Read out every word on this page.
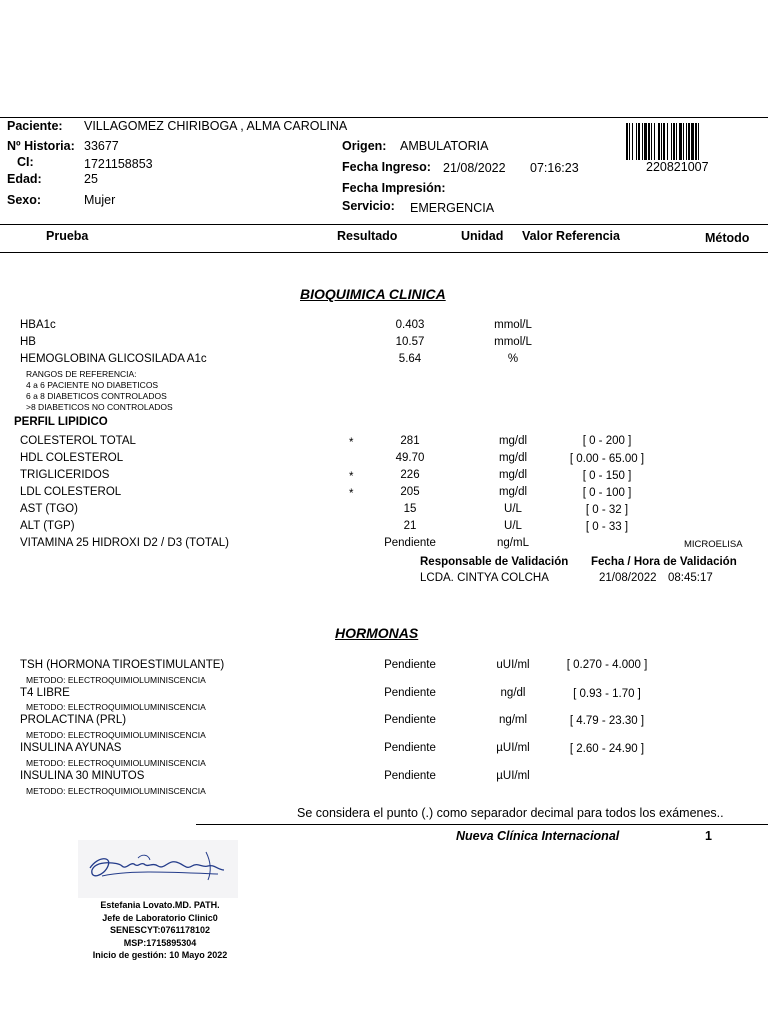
Paciente: VILLAGOMEZ CHIRIBOGA , ALMA CAROLINA
Nº Historia: 33677
CI:	1721158853
Edad:	25
Sexo:	Mujer
Origen: AMBULATORIA
Fecha Ingreso: 21/08/2022 07:16:23
Fecha Impresión:
Servicio: EMERGENCIA
220821007
Prueba	Resultado	Unidad Valor Referencia	Método
BIOQUIMICA CLINICA
HBA1c	0.403	mmol/L
HB	10.57	mmol/L
HEMOGLOBINA GLICOSILADA A1c	5.64	%
RANGOS DE REFERENCIA:
4 a 6 PACIENTE NO DIABETICOS
6 a 8 DIABETICOS CONTROLADOS
>8 DIABETICOS NO CONTROLADOS
PERFIL LIPIDICO
COLESTEROL TOTAL	*	281	mg/dl	[ 0 - 200 ]
HDL COLESTEROL	49.70	mg/dl	[ 0.00 - 65.00 ]
TRIGLICERIDOS	*	226	mg/dl	[ 0 - 150 ]
LDL COLESTEROL	*	205	mg/dl	[ 0 - 100 ]
AST (TGO)	15	U/L	[ 0 - 32 ]
ALT (TGP)	21	U/L	[ 0 - 33 ]
VITAMINA 25 HIDROXI D2 / D3 (TOTAL)	Pendiente	ng/mL	MICROELISA
Responsable de Validación Fecha / Hora de Validación
LCDA. CINTYA COLCHA	21/08/2022 08:45:17
HORMONAS
TSH (HORMONA TIROESTIMULANTE)
METODO: ELECTROQUIMIOLUMINISCENCIA
Pendiente	uUI/ml	[ 0.270 - 4.000 ]
T4 LIBRE
METODO: ELECTROQUIMIOLUMINISCENCIA
Pendiente	ng/dl	[ 0.93 - 1.70 ]
PROLACTINA (PRL)
METODO: ELECTROQUIMIOLUMINISCENCIA
Pendiente	ng/ml	[ 4.79 - 23.30 ]
INSULINA AYUNAS
METODO: ELECTROQUIMIOLUMINISCENCIA
Pendiente	µUI/ml	[ 2.60 - 24.90 ]
INSULINA 30 MINUTOS
METODO: ELECTROQUIMIOLUMINISCENCIA
Pendiente	µUI/ml
Se considera el punto (.) como separador decimal para todos los exámenes..
Nueva Clínica Internacional	1
Estefania Lovato.MD. PATH.
Jefe de Laboratorio Clinic0
SENESCYT:0761178102
MSP:1715895304
Inicio de gestión: 10 Mayo 2022
